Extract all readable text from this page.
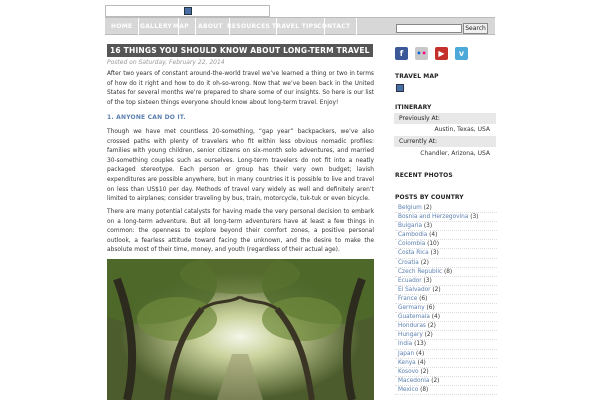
HOME	GALLERY MAP	ABOUT RESOURCES TRAVEL TIPS CONTACT	Search
16 THINGS YOU SHOULD KNOW ABOUT LONG-TERM TRAVEL
Posted on Saturday, February 22, 2014

After two years of constant around-the-world travel we’ve learned a thing or two in terms of how do it right and how to do it oh-so-wrong. Now that we’ve been back in the United States for several months we’re prepared to share some of our insights. So here is our list of the top sixteen things everyone should know about long-term travel. Enjoy!

1. ANYONE CAN DO IT.

Though we have met countless 20-something, “gap year” backpackers, we’ve also crossed paths with plenty of travelers who fit within less obvious nomadic profiles: families with young children, senior citizens on six-month solo adventures, and married 30-something couples such as ourselves. Long-term travelers do not fit into a neatly packaged stereotype. Each person or group has their very own budget; lavish expenditures are possible anywhere, but in many countries it is possible to live and travel on less than US$10 per day. Methods of travel vary widely as well and definitely aren’t limited to airplanes; consider traveling by bus, train, motorcycle, tuk-tuk or even bicycle.

There are many potential catalysts for having made the very personal decision to embark on a long-term adventure. But all long-term adventurers have at least a few things in common: the openness to explore beyond their comfort zones, a positive personal outlook, a fearless attitude toward facing the unknown, and the desire to make the absolute most of their time, money, and youth (regardless of their actual age).

f	••	▶	v
TRAVEL MAP
ITINERARY
Previously At:
Austin, Texas, USA
Currently At:
Chandler, Arizona, USA
RECENT PHOTOS
POSTS BY COUNTRY
Belgium (2)
Bosnia and Herzegovina (3)
Bulgaria (3)
Cambodia (4)
Colombia (10)
Costa Rica (3)
Croatia (2)
Czech Republic (8)
Ecuador (3)
El Salvador (2)
France (6)
Germany (6)
Guatemala (4)
Honduras (2)
Hungary (2)
India (13)
Japan (4)
Kenya (4)
Kosovo (2)
Macedonia (2)
Mexico (8)
